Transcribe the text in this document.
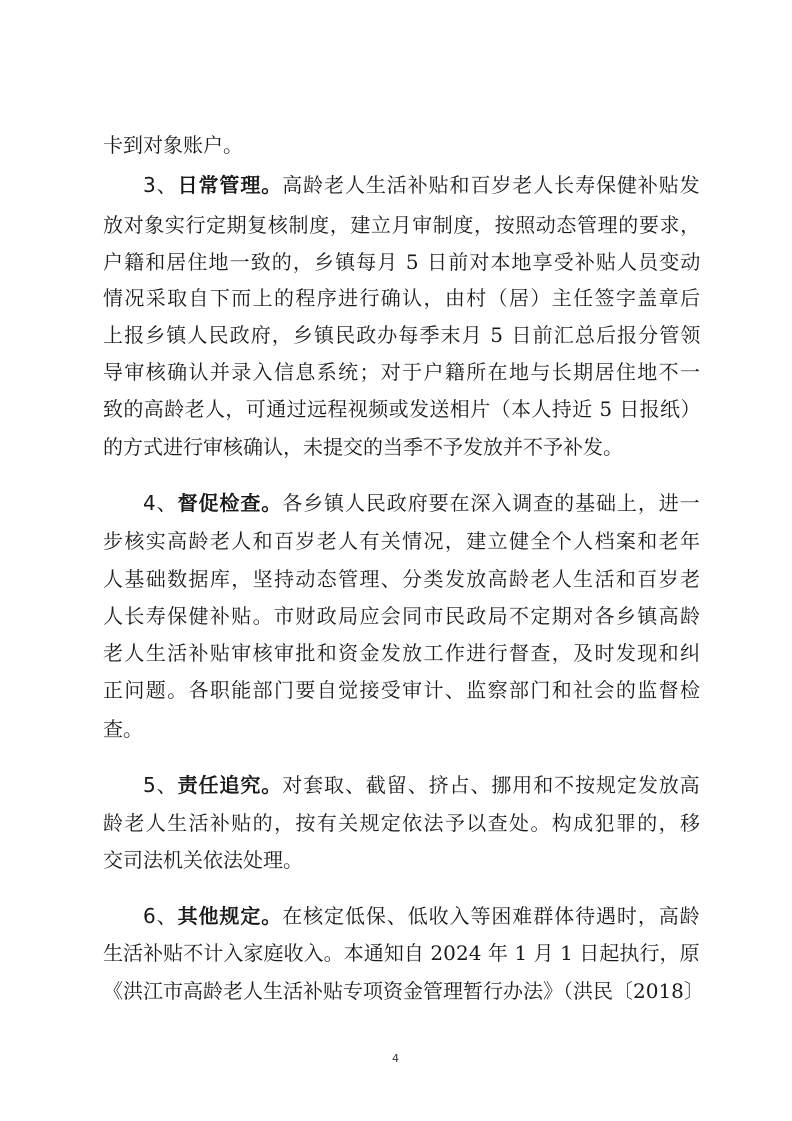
卡到对象账户。
3、日常管理。高龄老人生活补贴和百岁老人长寿保健补贴发
放对象实行定期复核制度，建立月审制度，按照动态管理的要求，
户籍和居住地一致的，乡镇每月 5 日前对本地享受补贴人员变动
情况采取自下而上的程序进行确认，由村（居）主任签字盖章后
上报乡镇人民政府，乡镇民政办每季末月 5 日前汇总后报分管领
导审核确认并录入信息系统；对于户籍所在地与长期居住地不一
致的高龄老人，可通过远程视频或发送相片（本人持近 5 日报纸）
的方式进行审核确认，未提交的当季不予发放并不予补发。
4、督促检查。各乡镇人民政府要在深入调查的基础上，进一
步核实高龄老人和百岁老人有关情况，建立健全个人档案和老年
人基础数据库，坚持动态管理、分类发放高龄老人生活和百岁老
人长寿保健补贴。市财政局应会同市民政局不定期对各乡镇高龄
老人生活补贴审核审批和资金发放工作进行督查，及时发现和纠
正问题。各职能部门要自觉接受审计、监察部门和社会的监督检
查。
5、责任追究。对套取、截留、挤占、挪用和不按规定发放高
龄老人生活补贴的，按有关规定依法予以查处。构成犯罪的，移
交司法机关依法处理。
6、其他规定。在核定低保、低收入等困难群体待遇时，高龄
生活补贴不计入家庭收入。本通知自 2024 年 1 月 1 日起执行，原
《洪江市高龄老人生活补贴专项资金管理暂行办法》（洪民〔2018〕
4
